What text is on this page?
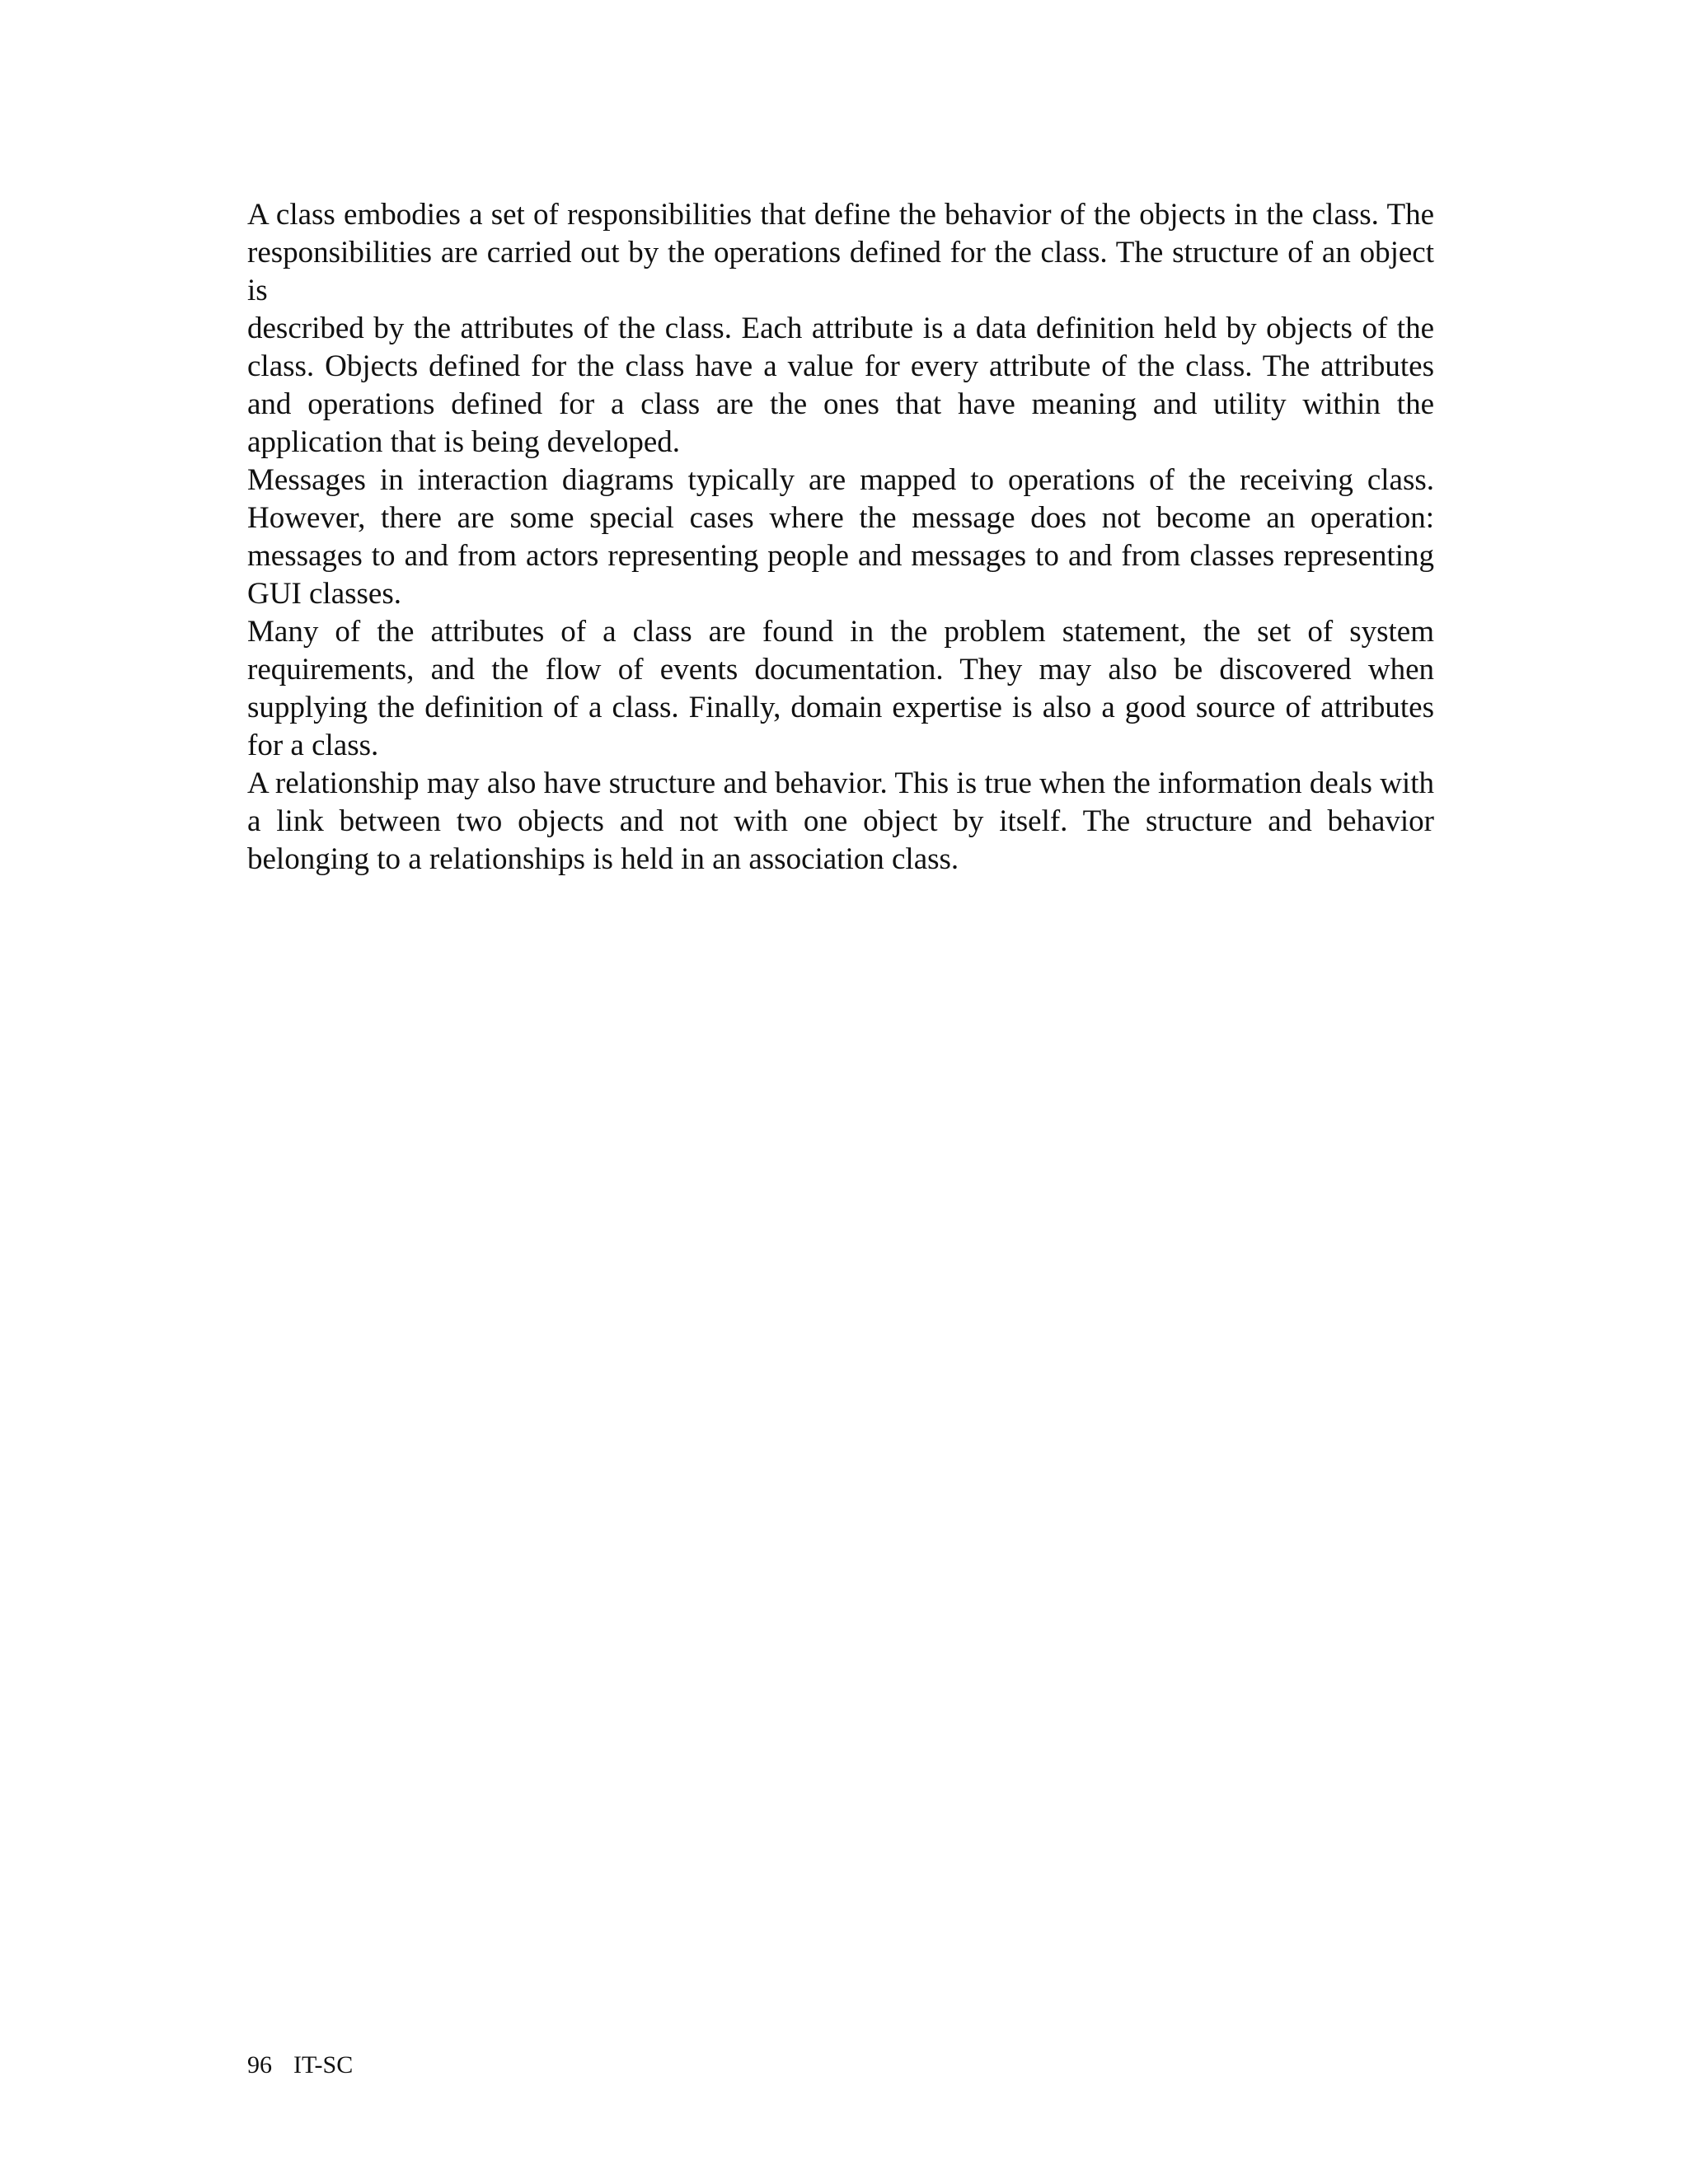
A class embodies a set of responsibilities that define the behavior of the objects in the class. The responsibilities are carried out by the operations defined for the class. The structure of an object is

described by the attributes of the class. Each attribute is a data definition held by objects of the class. Objects defined for the class have a value for every attribute of the class. The attributes and operations defined for a class are the ones that have meaning and utility within the application that is being developed.

Messages in interaction diagrams typically are mapped to operations of the receiving class. However, there are some special cases where the message does not become an operation: messages to and from actors representing people and messages to and from classes representing GUI classes.

Many of the attributes of a class are found in the problem statement, the set of system requirements, and the flow of events documentation. They may also be discovered when supplying the definition of a class. Finally, domain expertise is also a good source of attributes for a class.

A relationship may also have structure and behavior. This is true when the information deals with a link between two objects and not with one object by itself. The structure and behavior belonging to a relationships is held in an association class.

96 IT-SC
